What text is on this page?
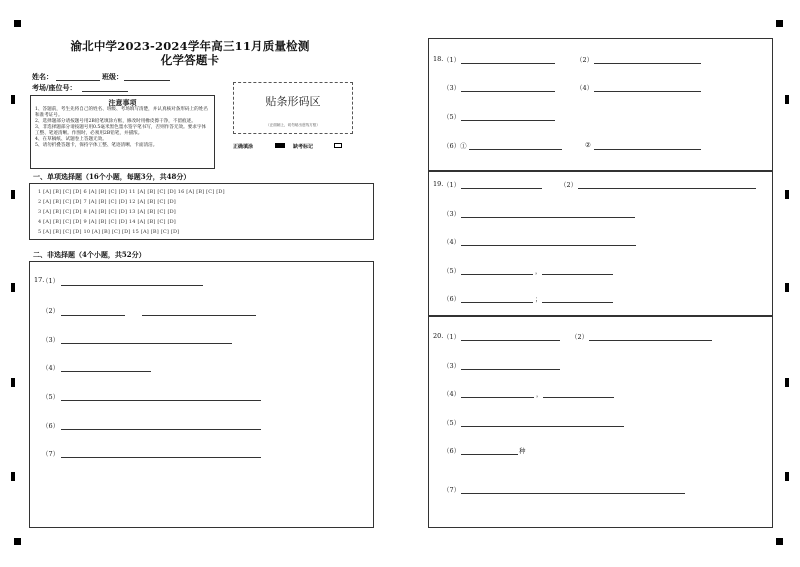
渝北中学2023-2024学年高三11月质量检测
化学答题卡
姓名：	班级：
考场/座位号：
注意事项
1、答题前，考生先将自己的姓名、班级、考场填写清楚，并认真核对条形码上的姓名和准考证号。
2、选择题部分请按题号用2B铅笔填涂方框，修改时用橡皮擦干净，不留痕迹。
3、非选择题部分请按题号用0.5毫米黑色墨水签字笔书写，否则作答无效。要求字体工整、笔迹清晰。作图时，必须用2B铅笔，并描浓。
4、在草稿纸、试题卷上答题无效。
5、请勿折叠答题卡，保持字体工整、笔迹清晰、卡面清洁。
贴条形码区
（正面朝上，切勿贴出虚线方框）
正确填涂	缺考标记
一、单项选择题（16个小题，每题3分，共48分）
1 [A] [B] [C] [D] 6 [A] [B] [C] [D] 11 [A] [B] [C] [D] 16 [A] [B] [C] [D]
2 [A] [B] [C] [D] 7 [A] [B] [C] [D] 12 [A] [B] [C] [D]
3 [A] [B] [C] [D] 8 [A] [B] [C] [D] 13 [A] [B] [C] [D]
4 [A] [B] [C] [D] 9 [A] [B] [C] [D] 14 [A] [B] [C] [D]
5 [A] [B] [C] [D] 10 [A] [B] [C] [D] 15 [A] [B] [C] [D]
二、非选择题（4个小题，共52分）
17.
（1）
（2）
（3）
（4）
（5）
（6）
（7）
18. （1）	（2）
（3）	（4）
（5）
（6）①	②
19. （1）	（2）
（3）
（4）
（5）	，
（6）	；
20. （1）	（2）
（3）
（4）	，
（5）
（6）	种
（7）
